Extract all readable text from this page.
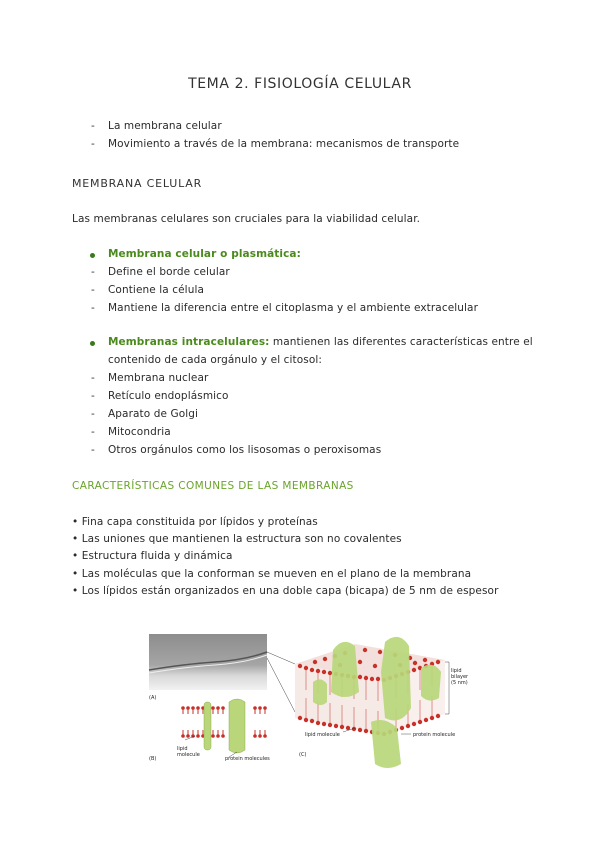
TEMA 2. FISIOLOGÍA CELULAR
- La membrana celular
- Movimiento a través de la membrana: mecanismos de transporte
MEMBRANA CELULAR
Las membranas celulares son cruciales para la viabilidad celular.
Membrana celular o plasmática:
- Define el borde celular
- Contiene la célula
- Mantiene la diferencia entre el citoplasma y el ambiente extracelular
Membranas intracelulares: mantienen las diferentes características entre el
contenido de cada orgánulo y el citosol:
- Membrana nuclear
- Retículo endoplásmico
- Aparato de Golgi
- Mitocondria
- Otros orgánulos como los lisosomas o peroxisomas
CARACTERÍSTICAS COMUNES DE LAS MEMBRANAS
• Fina capa constituida por lípidos y proteínas
• Las uniones que mantienen la estructura son no covalentes
• Estructura fluida y dinámica
• Las moléculas que la conforman se mueven en el plano de la membrana
• Los lípidos están organizados en una doble capa (bicapa) de 5 nm de espesor
(A)
(B)
lipid
molecule
protein molecules
lipid
bilayer
(5 nm)
lipid molecule	protein molecule
(C)
